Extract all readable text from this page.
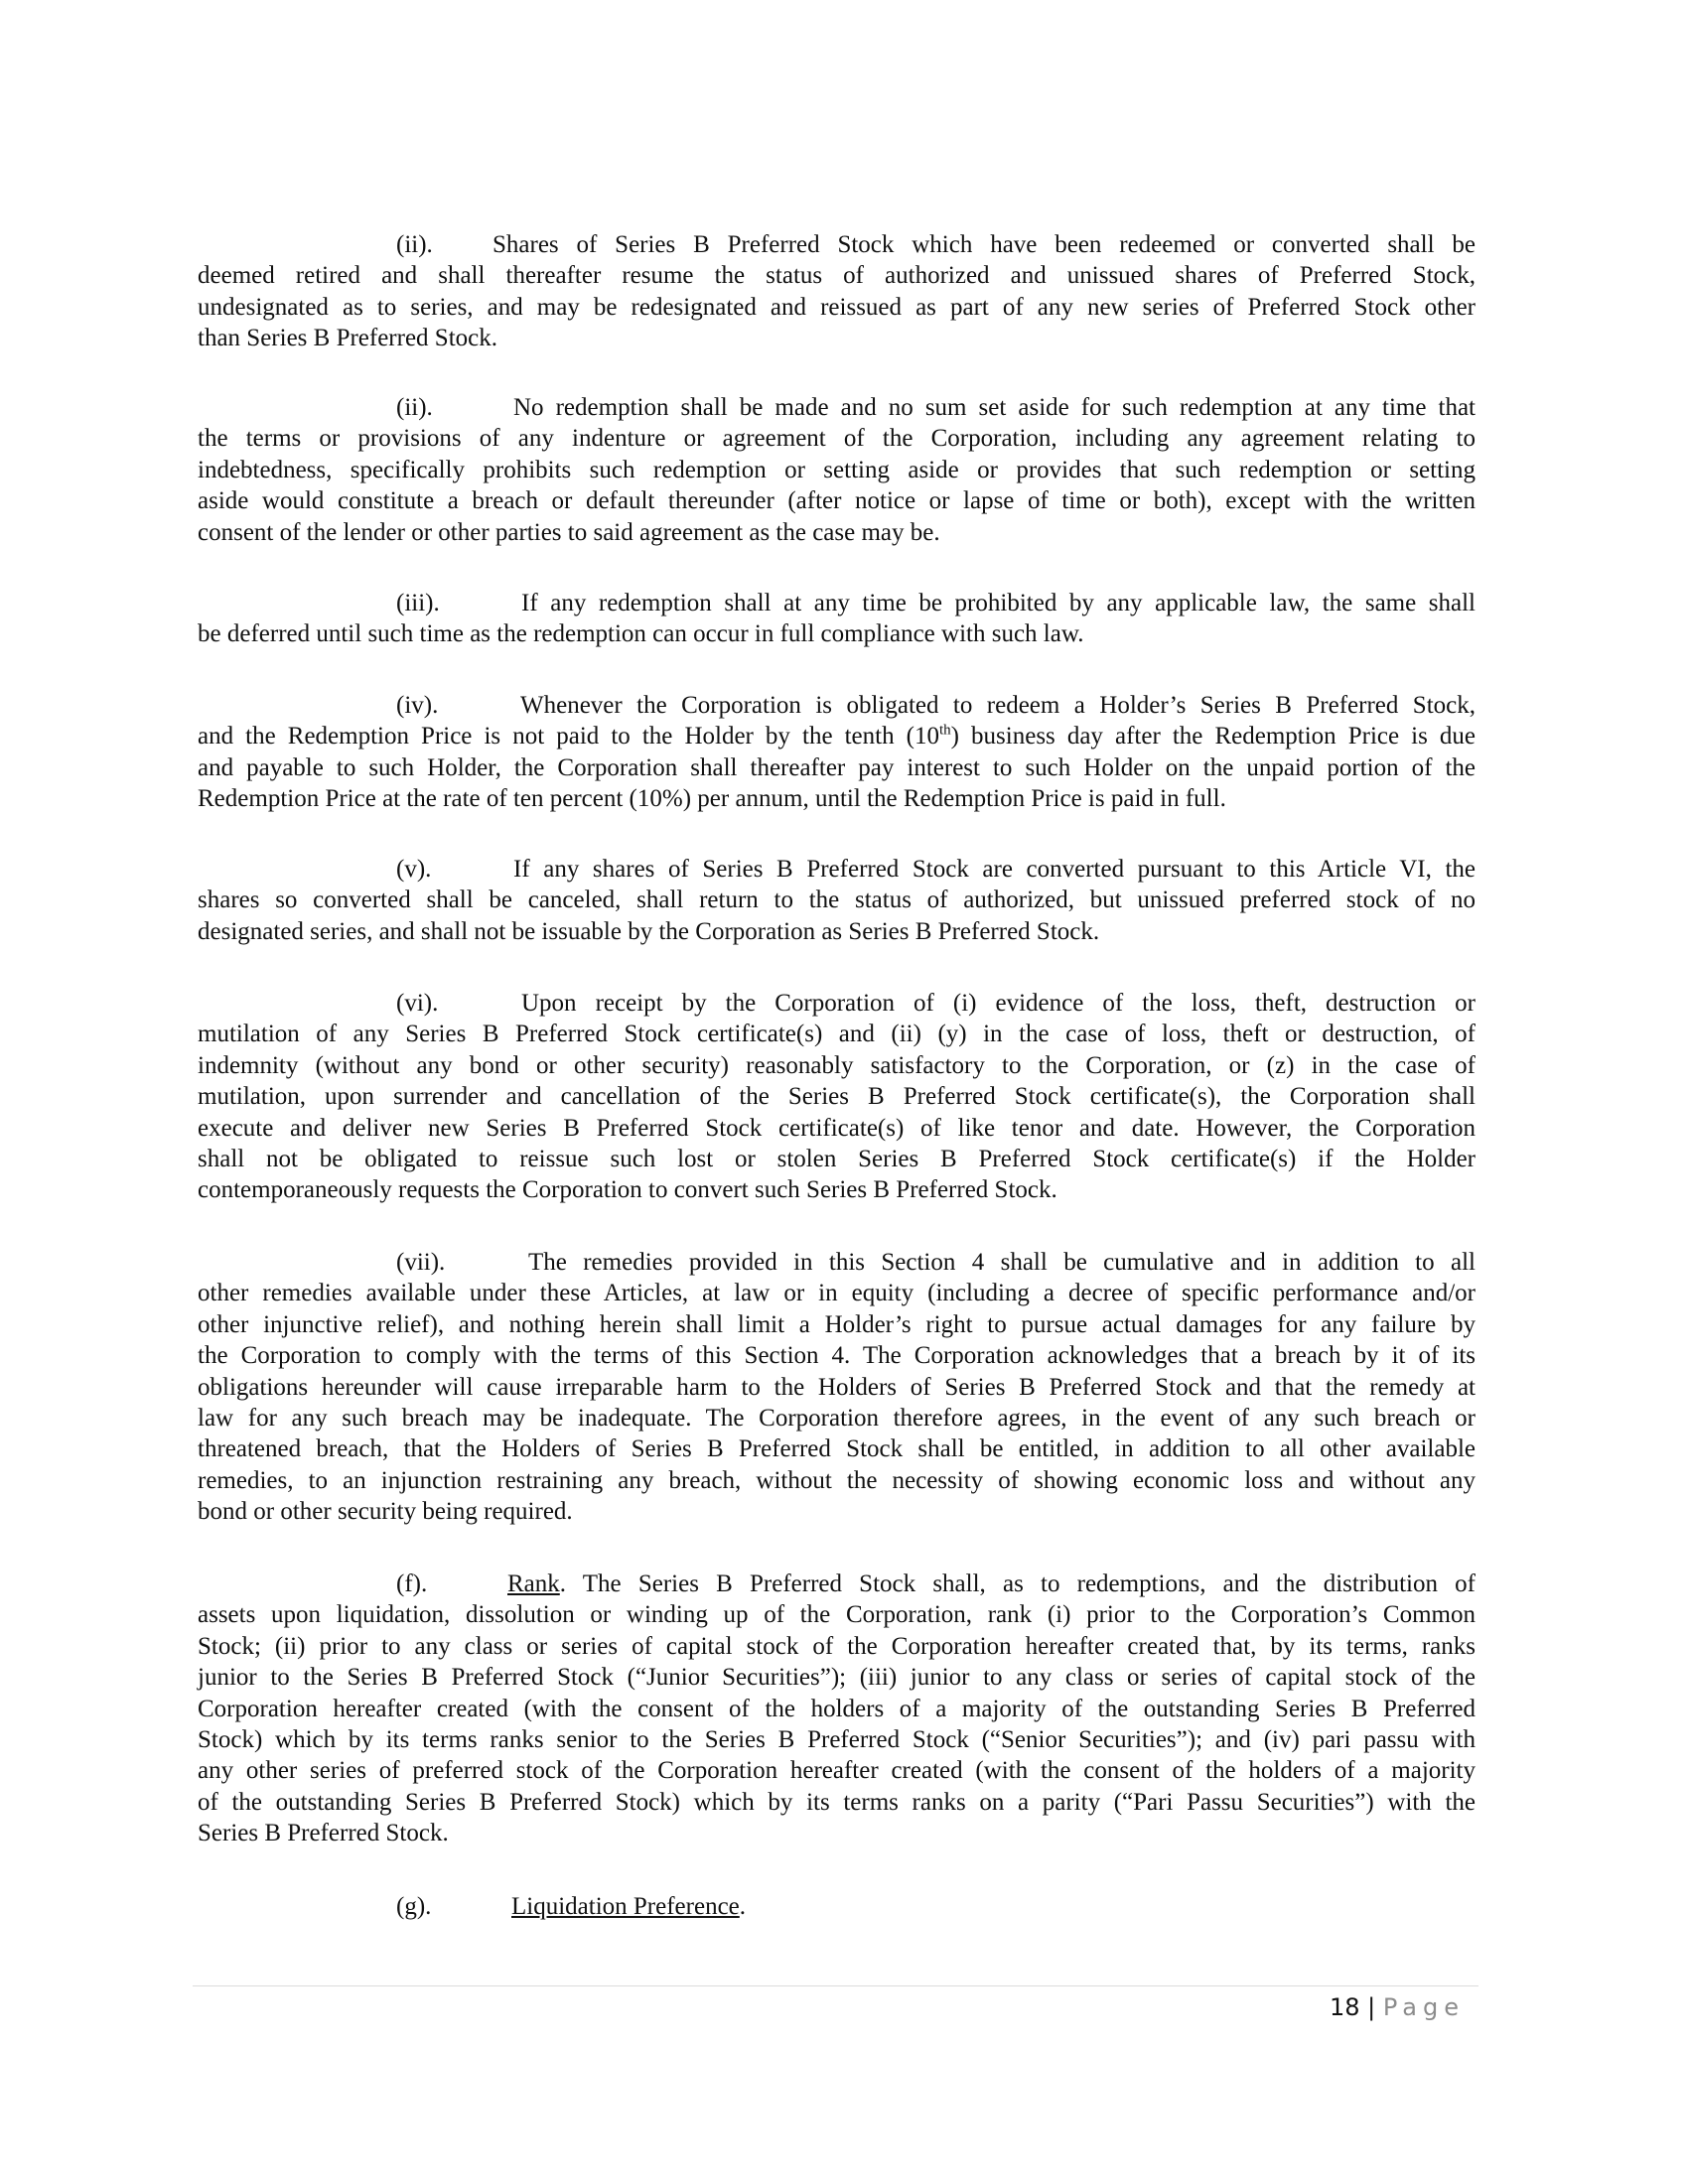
(ii). Shares of Series B Preferred Stock which have been redeemed or converted shall be
deemed retired and shall thereafter resume the status of authorized and unissued shares of Preferred Stock,
undesignated as to series, and may be redesignated and reissued as part of any new series of Preferred Stock other
than Series B Preferred Stock.
(ii).	No redemption shall be made and no sum set aside for such redemption at any time that
the terms or provisions of any indenture or agreement of the Corporation, including any agreement relating to
indebtedness, specifically prohibits such redemption or setting aside or provides that such redemption or setting
aside would constitute a breach or default thereunder (after notice or lapse of time or both), except with the written
consent of the lender or other parties to said agreement as the case may be.
(iii).	If any redemption shall at any time be prohibited by any applicable law, the same shall
be deferred until such time as the redemption can occur in full compliance with such law.
(iv).	Whenever the Corporation is obligated to redeem a Holder’s Series B Preferred Stock,
and the Redemption Price is not paid to the Holder by the tenth (10th) business day after the Redemption Price is due
and payable to such Holder, the Corporation shall thereafter pay interest to such Holder on the unpaid portion of the
Redemption Price at the rate of ten percent (10%) per annum, until the Redemption Price is paid in full.
(v).	If any shares of Series B Preferred Stock are converted pursuant to this Article VI, the
shares so converted shall be canceled, shall return to the status of authorized, but unissued preferred stock of no
designated series, and shall not be issuable by the Corporation as Series B Preferred Stock.
(vi).	Upon receipt by the Corporation of (i) evidence of the loss, theft, destruction or
mutilation of any Series B Preferred Stock certificate(s) and (ii) (y) in the case of loss, theft or destruction, of
indemnity (without any bond or other security) reasonably satisfactory to the Corporation, or (z) in the case of
mutilation, upon surrender and cancellation of the Series B Preferred Stock certificate(s), the Corporation shall
execute and deliver new Series B Preferred Stock certificate(s) of like tenor and date. However, the Corporation
shall not be obligated to reissue such lost or stolen Series B Preferred Stock certificate(s) if the Holder
contemporaneously requests the Corporation to convert such Series B Preferred Stock.
(vii).	The remedies provided in this Section 4 shall be cumulative and in addition to all
other remedies available under these Articles, at law or in equity (including a decree of specific performance and/or
other injunctive relief), and nothing herein shall limit a Holder’s right to pursue actual damages for any failure by
the Corporation to comply with the terms of this Section 4. The Corporation acknowledges that a breach by it of its
obligations hereunder will cause irreparable harm to the Holders of Series B Preferred Stock and that the remedy at
law for any such breach may be inadequate. The Corporation therefore agrees, in the event of any such breach or
threatened breach, that the Holders of Series B Preferred Stock shall be entitled, in addition to all other available
remedies, to an injunction restraining any breach, without the necessity of showing economic loss and without any
bond or other security being required.
(f).	Rank. The Series B Preferred Stock shall, as to redemptions, and the distribution of
assets upon liquidation, dissolution or winding up of the Corporation, rank (i) prior to the Corporation’s Common
Stock; (ii) prior to any class or series of capital stock of the Corporation hereafter created that, by its terms, ranks
junior to the Series B Preferred Stock (“Junior Securities”); (iii) junior to any class or series of capital stock of the
Corporation hereafter created (with the consent of the holders of a majority of the outstanding Series B Preferred
Stock) which by its terms ranks senior to the Series B Preferred Stock (“Senior Securities”); and (iv) pari passu with
any other series of preferred stock of the Corporation hereafter created (with the consent of the holders of a majority
of the outstanding Series B Preferred Stock) which by its terms ranks on a parity (“Pari Passu Securities”) with the
Series B Preferred Stock.
(g).	Liquidation Preference.
18 | Page
